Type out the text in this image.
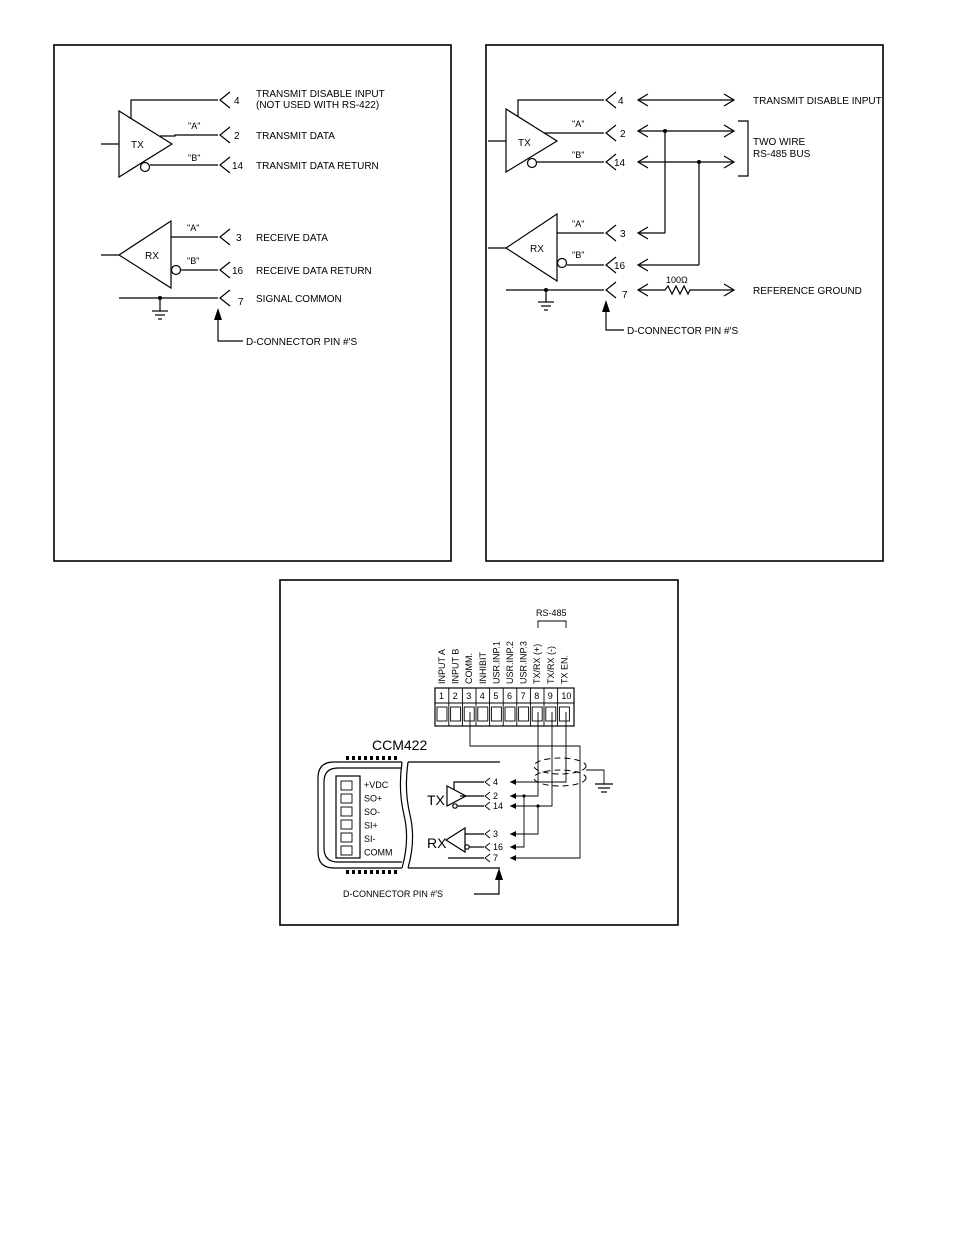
TX
"A"
"B"
4
2
14
TRANSMIT DISABLE INPUT
(NOT USED WITH RS-422)
TRANSMIT DATA
TRANSMIT DATA RETURN
RX
"A"
"B"
3
16
RECEIVE DATA
RECEIVE DATA RETURN
7 SIGNAL COMMON
D-CONNECTOR PIN #'S
TX
"A"
"B"
4
2
14
TRANSMIT DISABLE INPUT
TWO WIRE
RS-485 BUS
RX
"A"
"B"
3
16
7
100Ω
REFERENCE GROUND
D-CONNECTOR PIN #'S
RS-485
INPUT A INPUT B COMM. INHIBIT USR.INP.1 USR.INP.2 USR.INP.3 TX/RX (+) TX/RX (-) TX EN.
1 2 3 4 5 6 7 8 9 10
CCM422
+VDC
SO+
SO-
SI+
SI-
COMM
TX
RX
4
2
14
3
16
7
D-CONNECTOR PIN #'S
